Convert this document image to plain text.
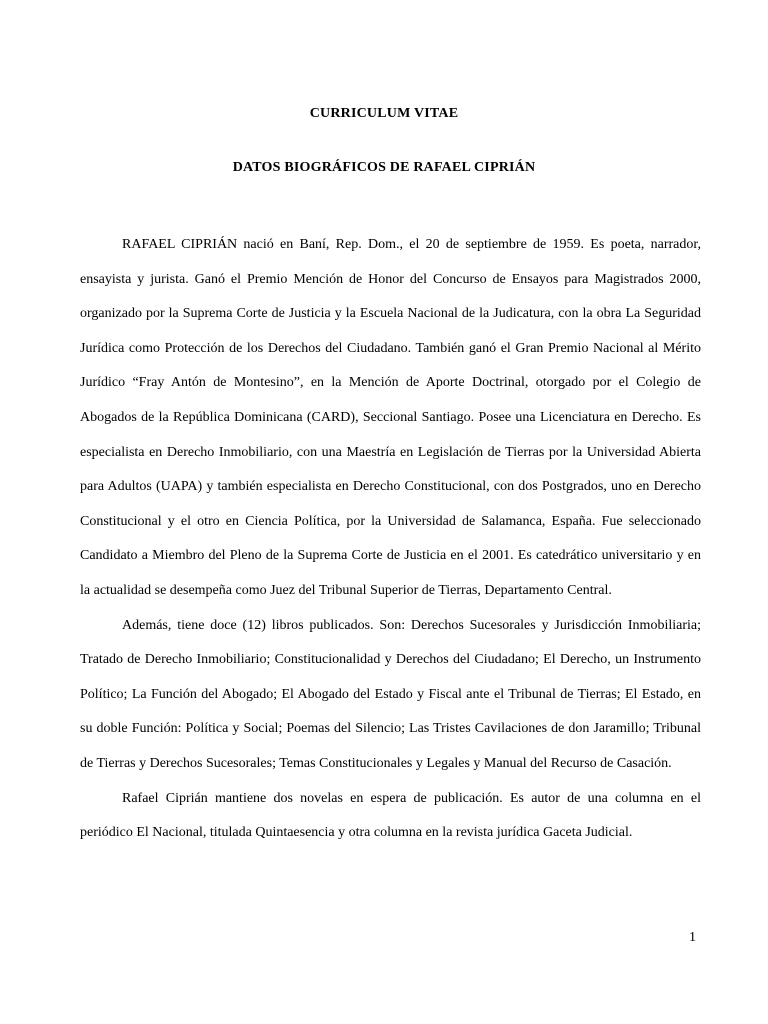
CURRICULUM VITAE
DATOS BIOGRÁFICOS DE RAFAEL CIPRIÁN

RAFAEL CIPRIÁN nació en Baní, Rep. Dom., el 20 de septiembre de 1959. Es poeta, narrador, ensayista y jurista. Ganó el Premio Mención de Honor del Concurso de Ensayos para Magistrados 2000, organizado por la Suprema Corte de Justicia y la Escuela Nacional de la Judicatura, con la obra La Seguridad Jurídica como Protección de los Derechos del Ciudadano. También ganó el Gran Premio Nacional al Mérito Jurídico “Fray Antón de Montesino”, en la Mención de Aporte Doctrinal, otorgado por el Colegio de Abogados de la República Dominicana (CARD), Seccional Santiago. Posee una Licenciatura en Derecho. Es especialista en Derecho Inmobiliario, con una Maestría en Legislación de Tierras por la Universidad Abierta para Adultos (UAPA) y también especialista en Derecho Constitucional, con dos Postgrados, uno en Derecho Constitucional y el otro en Ciencia Política, por la Universidad de Salamanca, España. Fue seleccionado Candidato a Miembro del Pleno de la Suprema Corte de Justicia en el 2001. Es catedrático universitario y en la actualidad se desempeña como Juez del Tribunal Superior de Tierras, Departamento Central.

Además, tiene doce (12) libros publicados. Son: Derechos Sucesorales y Jurisdicción Inmobiliaria; Tratado de Derecho Inmobiliario; Constitucionalidad y Derechos del Ciudadano; El Derecho, un Instrumento Político; La Función del Abogado; El Abogado del Estado y Fiscal ante el Tribunal de Tierras; El Estado, en su doble Función: Política y Social; Poemas del Silencio; Las Tristes Cavilaciones de don Jaramillo; Tribunal de Tierras y Derechos Sucesorales; Temas Constitucionales y Legales y Manual del Recurso de Casación.

Rafael Ciprián mantiene dos novelas en espera de publicación. Es autor de una columna en el periódico El Nacional, titulada Quintaesencia y otra columna en la revista jurídica Gaceta Judicial.

1
